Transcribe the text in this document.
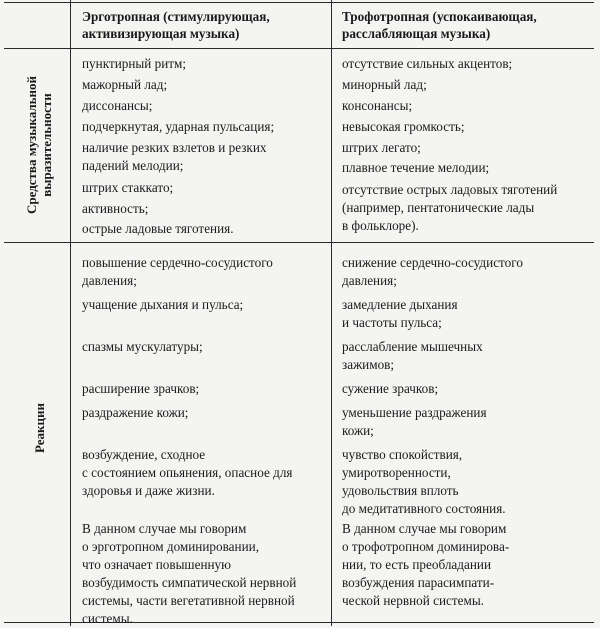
Эрготропная (стимулирующая,
активизирующая музыка)
Трофотропная (успокаивающая,
расслабляющая музыка)
Средства музыкальной
выразительности
Реакции
пунктирный ритм;
мажорный лад;
диссонансы;
подчеркнутая, ударная пульсация;
наличие резких взлетов и резких
падений мелодии;
штрих стаккато;
активность;
острые ладовые тяготения.
отсутствие сильных акцентов;
минорный лад;
консонансы;
невысокая громкость;
штрих легато;
плавное течение мелодии;
отсутствие острых ладовых тяготений
(например, пентатонические лады
в фольклоре).
повышение сердечно-сосудистого
давления;
учащение дыхания и пульса;
спазмы мускулатуры;
расширение зрачков;
раздражение кожи;
возбуждение, сходное
с состоянием опьянения, опасное для
здоровья и даже жизни.
В данном случае мы говорим
о эрготропном доминировании,
что означает повышенную
возбудимость симпатической нервной
системы, части вегетативной нервной
системы.
снижение сердечно-сосудистого
давления;
замедление дыхания
и частоты пульса;
расслабление мышечных
зажимов;
сужение зрачков;
уменьшение раздражения
кожи;
чувство спокойствия,
умиротворенности,
удовольствия вплоть
до медитативного состояния.
В данном случае мы говорим
о трофотропном доминирова-
нии, то есть преобладании
возбуждения парасимпати-
ческой нервной системы.
